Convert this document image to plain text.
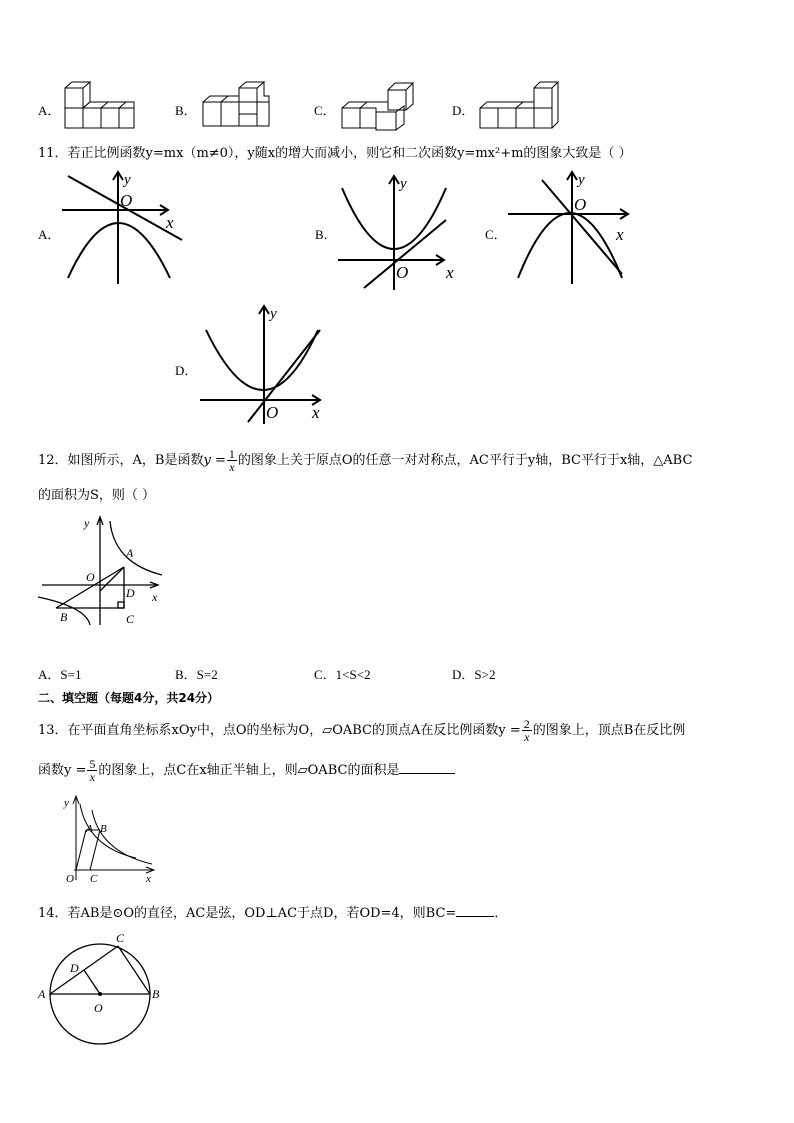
A．	B．	C．	D．
11．若正比例函数y=mx（m≠0），y随x的增大而减小，则它和二次函数y=mx²+m的图象大致是（ ）
A．
y
O
x
B．
y
O x
C．
y
O
x
D．
y
O x
12．如图所示，A，B是函数$y = \frac{1}{x}$ 的图象上关于原点O的任意一对对称点，AC平行于y轴，BC平行于x轴，△ABC
的面积为S，则（ ）
y
x
O
A
B	C
D
A．S=1	B．S=2	C．1<S<2	D．S>2
二、填空题（每题4分，共24分）
13．在平面直角坐标系xOy中，点O的坐标为O，▱OABC的顶点A在反比例函数$y = \frac{2}{x}$ 的图象上，顶点B在反比例
函数$y = \frac{5}{x}$ 的图象上，点C在x轴正半轴上，则▱OABC的面积是
y
x
O
A B
C
14．若AB是⊙O的直径，AC是弦，OD⊥AC于点D，若OD=4，则BC=	．
A	B
C
D
O
